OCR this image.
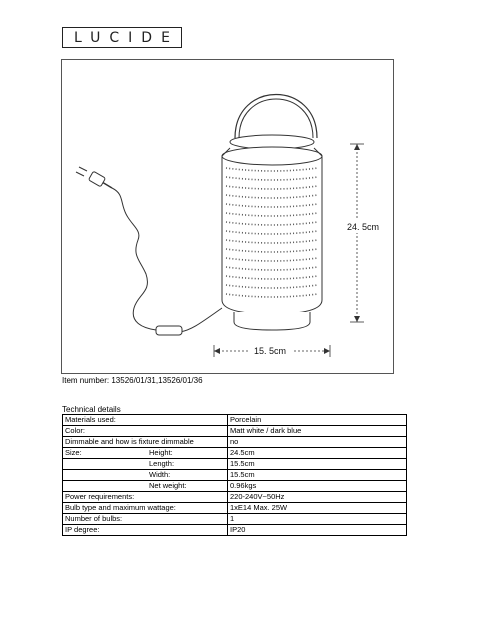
LUCIDE
24. 5cm
15. 5cm
Item number: 13526/01/31,13526/01/36
Technical details
Materials used:	Porcelain
Color:	Matt white / dark blue
Dimmable and how is fixture dimmable	no

Size: Height:	24.5cm

Length:	15.5cm

Width:	15.5cm

Net weight:	0.96kgs
Power requirements:	220-240V~50Hz
Bulb type and maximum wattage:	1xE14 Max. 25W
Number of bulbs:	1
IP degree:	IP20
